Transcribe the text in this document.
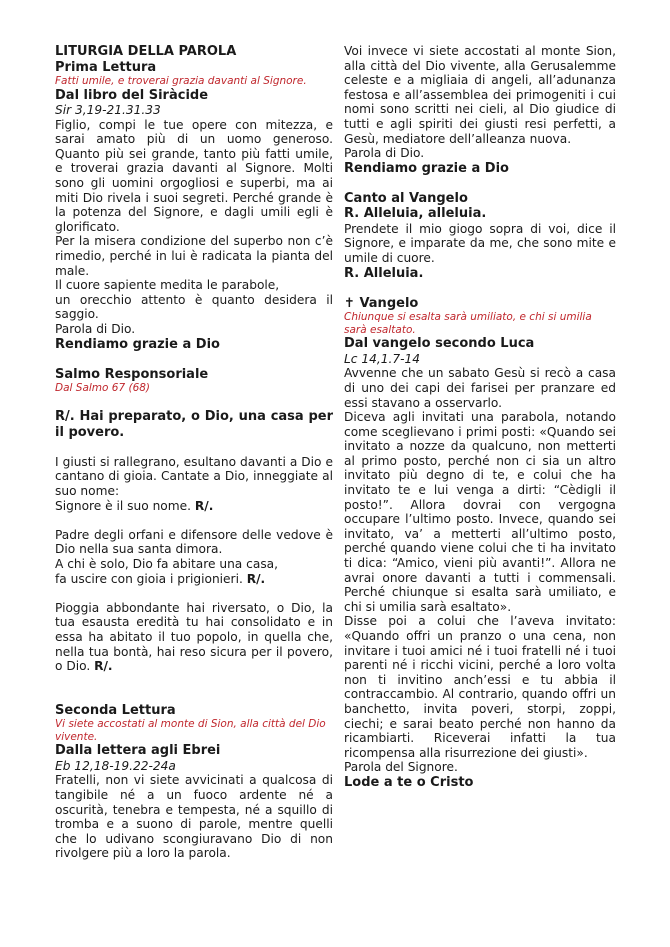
LITURGIA DELLA PAROLA

Prima Lettura

Fatti umile, e troverai grazia davanti al Signore.

Dal libro del Siràcide

Sir 3,19-21.31.33

Figlio, compi le tue opere con mitezza, e sarai amato più di un uomo generoso. Quanto più sei grande, tanto più fatti umile, e troverai grazia davanti al Signore. Molti sono gli uomini orgogliosi e superbi, ma ai miti Dio rivela i suoi segreti. Perché grande è la potenza del Signore, e dagli umili egli è glorificato.

Per la misera condizione del superbo non c’è rimedio, perché in lui è radicata la pianta del male.

Il cuore sapiente medita le parabole,

un orecchio attento è quanto desidera il saggio.

Parola di Dio.

Rendiamo grazie a Dio

Salmo Responsoriale

Dal Salmo 67 (68)

R/. Hai preparato, o Dio, una casa per il povero.

I giusti si rallegrano, esultano davanti a Dio e cantano di gioia. Cantate a Dio, inneggiate al suo nome:

Signore è il suo nome. R/.

Padre degli orfani e difensore delle vedove è Dio nella sua santa dimora.

A chi è solo, Dio fa abitare una casa,

fa uscire con gioia i prigionieri. R/.

Pioggia abbondante hai riversato, o Dio, la tua esausta eredità tu hai consolidato e in essa ha abitato il tuo popolo, in quella che, nella tua bontà, hai reso sicura per il povero, o Dio. R/.

Seconda Lettura

Vi siete accostati al monte di Sion, alla città del Dio vivente.

Dalla lettera agli Ebrei

Eb 12,18-19.22-24a

Fratelli, non vi siete avvicinati a qualcosa di tangibile né a un fuoco ardente né a oscurità, tenebra e tempesta, né a squillo di tromba e a suono di parole, mentre quelli che lo udivano scongiuravano Dio di non rivolgere più a loro la parola.

Voi invece vi siete accostati al monte Sion, alla città del Dio vivente, alla Gerusalemme celeste e a migliaia di angeli, all’adunanza festosa e all’assemblea dei primogeniti i cui nomi sono scritti nei cieli, al Dio giudice di tutti e agli spiriti dei giusti resi perfetti, a Gesù, mediatore dell’alleanza nuova.

Parola di Dio.

Rendiamo grazie a Dio

Canto al Vangelo

R. Alleluia, alleluia.

Prendete il mio giogo sopra di voi, dice il Signore, e imparate da me, che sono mite e umile di cuore.

R. Alleluia.

✝ Vangelo

Chiunque si esalta sarà umiliato, e chi si umilia sarà esaltato.

Dal vangelo secondo Luca

Lc 14,1.7-14

Avvenne che un sabato Gesù si recò a casa di uno dei capi dei farisei per pranzare ed essi stavano a osservarlo.

Diceva agli invitati una parabola, notando come sceglievano i primi posti: «Quando sei invitato a nozze da qualcuno, non metterti al primo posto, perché non ci sia un altro invitato più degno di te, e colui che ha invitato te e lui venga a dirti: “Cèdigli il posto!”. Allora dovrai con vergogna occupare l’ultimo posto. Invece, quando sei invitato, va’ a metterti all’ultimo posto, perché quando viene colui che ti ha invitato ti dica: “Amico, vieni più avanti!”. Allora ne avrai onore davanti a tutti i commensali. Perché chiunque si esalta sarà umiliato, e chi si umilia sarà esaltato».

Disse poi a colui che l’aveva invitato: «Quando offri un pranzo o una cena, non invitare i tuoi amici né i tuoi fratelli né i tuoi parenti né i ricchi vicini, perché a loro volta non ti invitino anch’essi e tu abbia il contraccambio. Al contrario, quando offri un banchetto, invita poveri, storpi, zoppi, ciechi; e sarai beato perché non hanno da ricambiarti. Riceverai infatti la tua ricompensa alla risurrezione dei giusti».

Parola del Signore.

Lode a te o Cristo
